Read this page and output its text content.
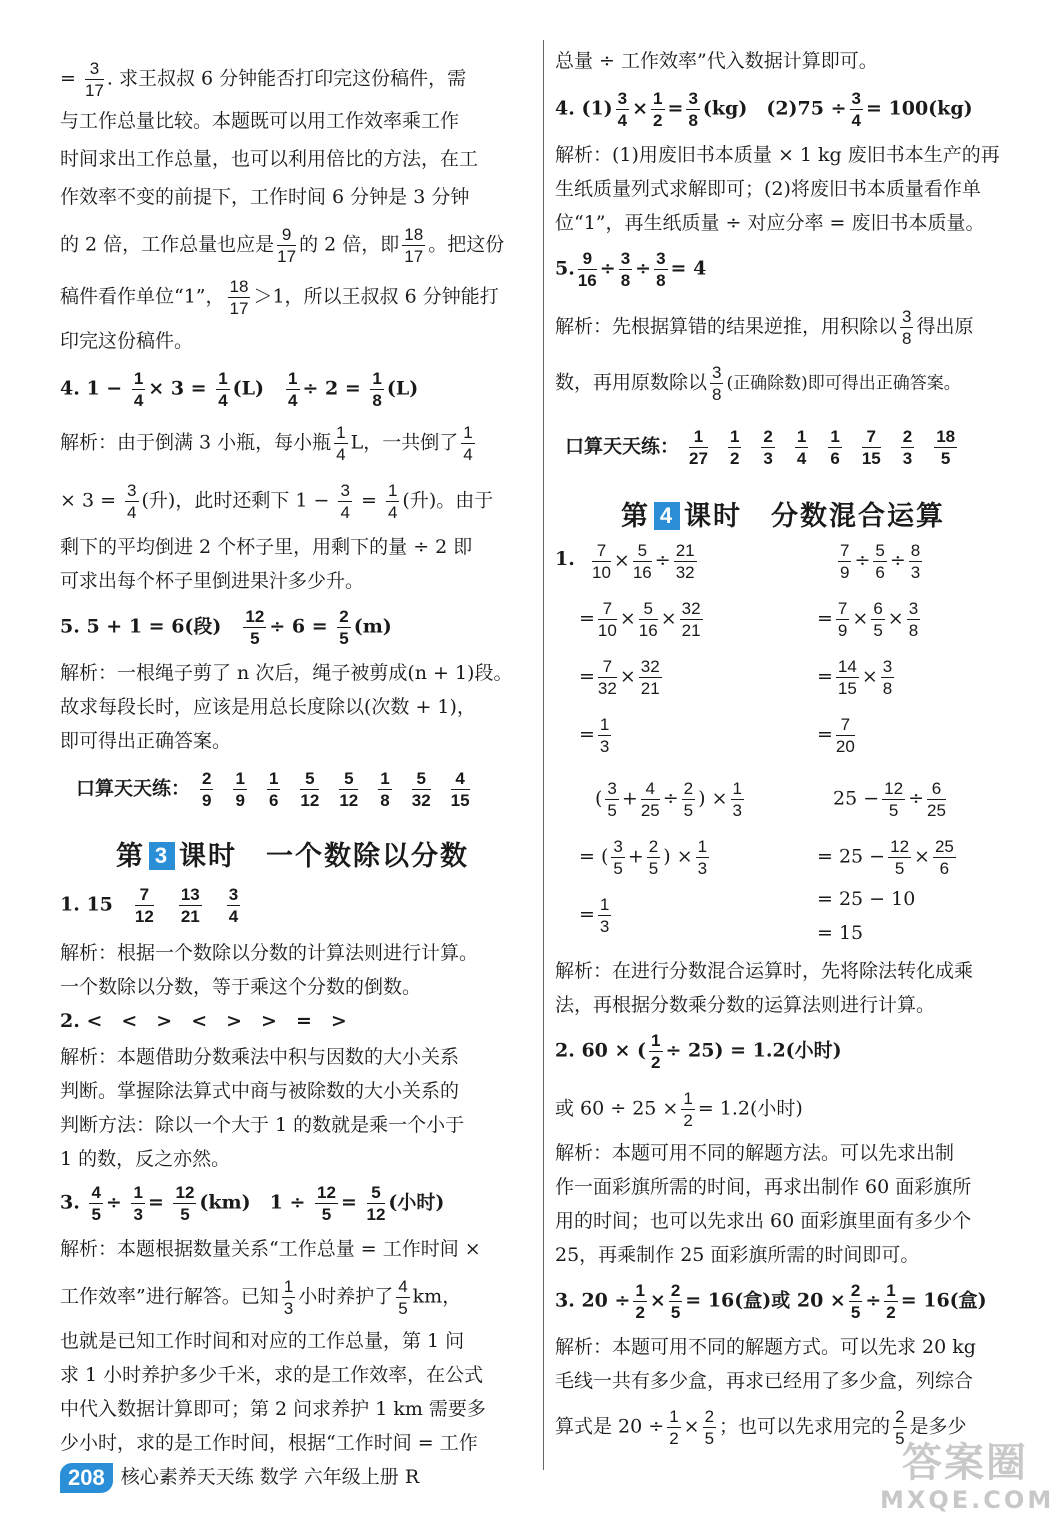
= $\frac{3}{17}$ . 求王叔叔 6 分钟能否打印完这份稿件，需
与工作总量比较。本题既可以用工作效率乘工作
时间求出工作总量，也可以利用倍比的方法，在工
作效率不变的前提下，工作时间 6 分钟是 3 分钟
的 2 倍，工作总量也应是 $\frac{9}{17}$ 的 2 倍，即 $\frac{18}{17}$ 。把这份
稿件看作单位“1”， $\frac{18}{17} >1$，所以王叔叔 6 分钟能打
印完这份稿件。
4. $1 - \frac{1}{4} \times 3 = \frac{1}{4} (L)$　 $\frac{1}{4} \div 2 = \frac{1}{8} (L)$
解析：由于倒满 3 小瓶，每小瓶 $\frac{1}{4}$ L，一共倒了 $\frac{1}{4}$
× $3 = \frac{3}{4}$ (升)，此时还剩下 $1 - \frac{3}{4} = \frac{1}{4}$ (升)。由于
剩下的平均倒进 2 个杯子里，用剩下的量 ÷ 2 即
可求出每个杯子里倒进果汁多少升。
5. 5 + 1 = 6(段)　 $\frac{12}{5} \div 6 = \frac{2}{5} (m)$
解析：一根绳子剪了 n 次后，绳子被剪成(n + 1)段。
故求每段长时，应该是用总长度除以(次数 + 1)，
即可得出正确答案。
口算天天练： $\frac{2}{9} \frac{1}{9} \frac{1}{6} \frac{5}{12} \frac{5}{12} \frac{1}{8} \frac{5}{32} \frac{4}{15}$
第 3 课时　一个数除以分数
1. 15　 $\frac{7}{12}$
　 $\frac{13}{21}$
　 $\frac{3}{4}$
解析：根据一个数除以分数的计算法则进行计算。
一个数除以分数，等于乘这个分数的倒数。
2. <　<　>　<　>　>　=　>
解析：本题借助分数乘法中积与因数的大小关系
判断。掌握除法算式中商与被除数的大小关系的
判断方法：除以一个大于 1 的数就是乘一个小于
1 的数，反之亦然。
3. $\frac{4}{5} \div \frac{1}{3} = \frac{12}{5} (km)$　$1 \div \frac{12}{5} = \frac{5}{12}$ (小时)
解析：本题根据数量关系“工作总量 = 工作时间 ×
工作效率”进行解答。已知 $\frac{1}{3}$ 小时养护了 $\frac{4}{5}$ km，
也就是已知工作时间和对应的工作总量，第 1 问
求 1 小时养护多少千米，求的是工作效率，在公式
中代入数据计算即可；第 2 问求养护 1 km 需要多
少小时，求的是工作时间，根据“工作时间 = 工作
总量 ÷ 工作效率”代入数据计算即可。
4. $(1) \frac{3}{4} \times \frac{1}{2} = \frac{3}{8} (kg)$　$(2)75 \div \frac{3}{4} = 100(kg)$
解析：(1)用废旧书本质量 × 1 kg 废旧书本生产的再
生纸质量列式求解即可；(2)将废旧书本质量看作单
位“1”，再生纸质量 ÷ 对应分率 = 废旧书本质量。
5. $\frac{9}{16} \div \frac{3}{8} \div \frac{3}{8} = 4$
解析：先根据算错的结果逆推，用积除以 $\frac{3}{8}$ 得出原
数，再用原数除以 $\frac{3}{8}$ (正确除数)即可得出正确答案。
口算天天练： $\frac{1}{27} \frac{1}{2} \frac{2}{3} \frac{1}{4} \frac{1}{6} \frac{7}{15} \frac{2}{3} \frac{18}{5}$
第 4 课时　分数混合运算
1. $\frac{7}{10} \times \frac{5}{16} \div \frac{21}{32}$
= $\frac{7}{10} \times \frac{5}{16} \times \frac{32}{21}$
= $\frac{7}{32} \times \frac{32}{21}$
= $\frac{1}{3}$
$\frac{7}{9} \div \frac{5}{6} \div \frac{8}{3}$
= $\frac{7}{9} \times \frac{6}{5} \times \frac{3}{8}$
= $\frac{14}{15} \times \frac{3}{8}$
= $\frac{7}{20}$
( $\frac{3}{5} + \frac{4}{25} \div \frac{2}{5}$ ) × $\frac{1}{3}$
= ( $\frac{3}{5} + \frac{2}{5}$ ) × $\frac{1}{3}$
= $\frac{1}{3}$
$25 - \frac{12}{5} \div \frac{6}{25}$
= $25 - \frac{12}{5} \times \frac{25}{6}$
= 25 − 10
= 15
解析：在进行分数混合运算时，先将除法转化成乘
法，再根据分数乘分数的运算法则进行计算。
2. 60 × ( $\frac{1}{2} \div 25) = 1.2$(小时)
或 $60 \div 25 \times \frac{1}{2} = 1.2$(小时)
解析：本题可用不同的解题方法。可以先求出制
作一面彩旗所需的时间，再求出制作 60 面彩旗所
用的时间；也可以先求出 60 面彩旗里面有多少个
25，再乘制作 25 面彩旗所需的时间即可。
3. $20 \div \frac{1}{2} \times \frac{2}{5} = 16$(盒)或 $20 \times \frac{2}{5} \div \frac{1}{2} = 16$(盒)
解析：本题可用不同的解题方式。可以先求 20 kg
毛线一共有多少盒，再求已经用了多少盒，列综合
算式是 $20 \div \frac{1}{2} \times \frac{2}{5}$ ；也可以先求用完的 $\frac{2}{5}$ 是多少
208 核心素养天天练 数学 六年级上册 R	答案圈
MXQE.COM
